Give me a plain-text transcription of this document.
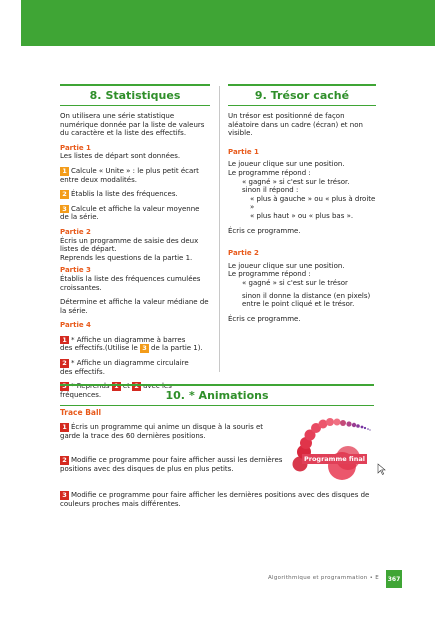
8. Statistiques

On utilisera une série statistique numérique donnée par la liste de valeurs du caractère et la liste des effectifs.

Partie 1

Les listes de départ sont données.

1 Calcule « Unite » : le plus petit écart entre deux modalités.

2 Établis la liste des fréquences.

3 Calcule et affiche la valeur moyenne de la série.

Partie 2

Écris un programme de saisie des deux listes de départ.

Reprends les questions de la partie 1.

Partie 3

Établis la liste des fréquences cumulées croissantes.

Détermine et affiche la valeur médiane de la série.

Partie 4

1 * Affiche un diagramme à barres
des effectifs.(Utilise le 3 de la partie 1).

2 * Affiche un diagramme circulaire
des effectifs.

3 * Reprends 1 et 2 avec les
fréquences.

9. Trésor caché

Un trésor est positionné de façon aléatoire dans un cadre (écran) et non visible.

Partie 1

Le joueur clique sur une position.

Le programme répond :

« gagné » si c'est sur le trésor.

sinon il répond :

« plus à gauche » ou « plus à droite »

« plus haut » ou « plus bas ».

Écris ce programme.

Partie 2

Le joueur clique sur une position.

Le programme répond :

« gagné » si c'est sur le trésor

sinon il donne la distance (en pixels)

entre le point cliqué et le trésor.

Écris ce programme.

10. * Animations
Trace Ball

1 Écris un programme qui anime un disque à la souris et garde la trace des 60 dernières positions.

2 Modifie ce programme pour faire afficher aussi les dernières positions avec des disques de plus en plus petits.

3 Modifie ce programme pour faire afficher les dernières positions avec des disques de couleurs proches mais différentes.

Programme final
Algorithmique et programmation • E 367
